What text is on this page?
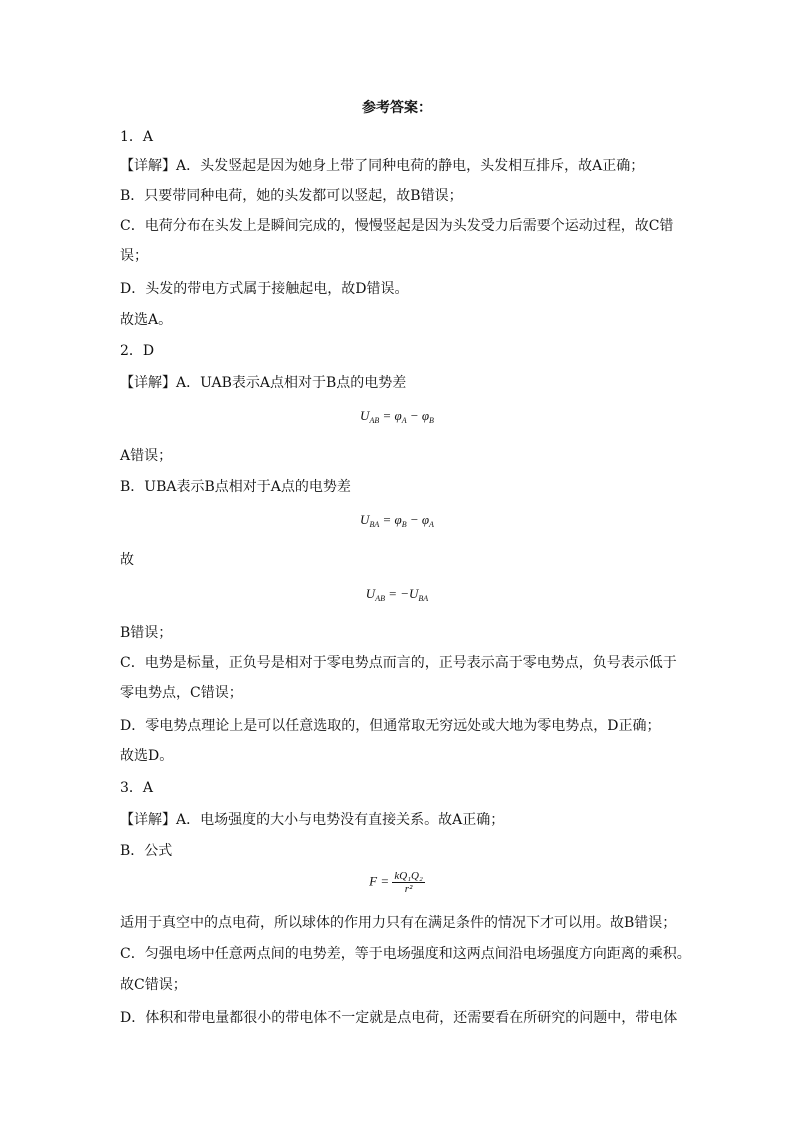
参考答案：
1．A
【详解】A．头发竖起是因为她身上带了同种电荷的静电，头发相互排斥，故A正确；
B．只要带同种电荷，她的头发都可以竖起，故B错误；
C．电荷分布在头发上是瞬间完成的，慢慢竖起是因为头发受力后需要个运动过程，故C错
误；
D．头发的带电方式属于接触起电，故D错误。
故选A。
2．D
【详解】A．UAB表示A点相对于B点的电势差
$U_{AB} = \varphi_A - \varphi_B$
A错误；
B．UBA表示B点相对于A点的电势差
$U_{BA} = \varphi_B - \varphi_A$
故
$U_{AB} = -U_{BA}$
B错误；
C．电势是标量，正负号是相对于零电势点而言的，正号表示高于零电势点，负号表示低于
零电势点，C错误；
D．零电势点理论上是可以任意选取的，但通常取无穷远处或大地为零电势点，D正确；
故选D。
3．A
【详解】A．电场强度的大小与电势没有直接关系。故A正确；
B．公式
$F = \frac{\text{kQ₁Q₂}}{\text{r²}}$
适用于真空中的点电荷，所以球体的作用力只有在满足条件的情况下才可以用。故B错误；
C．匀强电场中任意两点间的电势差，等于电场强度和这两点间沿电场强度方向距离的乘积。
故C错误；
D．体积和带电量都很小的带电体不一定就是点电荷，还需要看在所研究的问题中，带电体
